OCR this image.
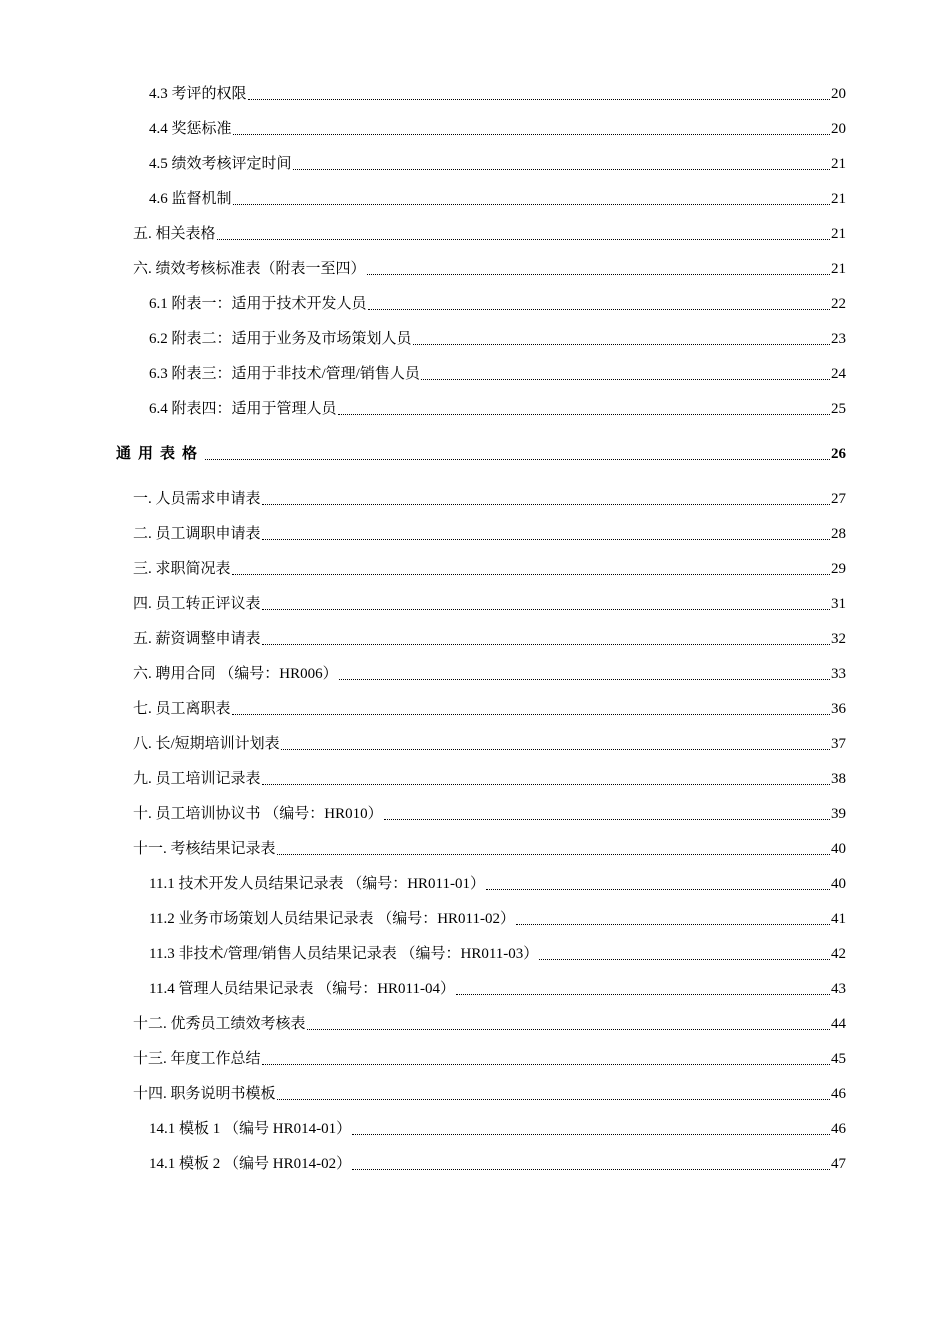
4.3 考评的权限	20
4.4 奖惩标准	20
4.5 绩效考核评定时间	21
4.6 监督机制	21
五. 相关表格	21
六. 绩效考核标准表（附表一至四）	21
6.1 附表一：适用于技术开发人员	22
6.2 附表二：适用于业务及市场策划人员	23
6.3 附表三：适用于非技术/管理/销售人员	24
6.4 附表四：适用于管理人员	25
通用表格	26
一. 人员需求申请表	27
二. 员工调职申请表	28
三. 求职简况表	29
四. 员工转正评议表	31
五. 薪资调整申请表	32
六. 聘用合同 （编号：HR006）	33
七. 员工离职表	36
八. 长/短期培训计划表	37
九. 员工培训记录表	38
十. 员工培训协议书 （编号：HR010）	39
十一. 考核结果记录表	40
11.1 技术开发人员结果记录表 （编号：HR011-01）	40
11.2 业务市场策划人员结果记录表 （编号：HR011-02）	41
11.3 非技术/管理/销售人员结果记录表 （编号：HR011-03）	42
11.4 管理人员结果记录表 （编号：HR011-04）	43
十二. 优秀员工绩效考核表	44
十三. 年度工作总结	45
十四. 职务说明书模板	46
14.1 模板 1 （编号 HR014-01）	46
14.1 模板 2 （编号 HR014-02）	47
